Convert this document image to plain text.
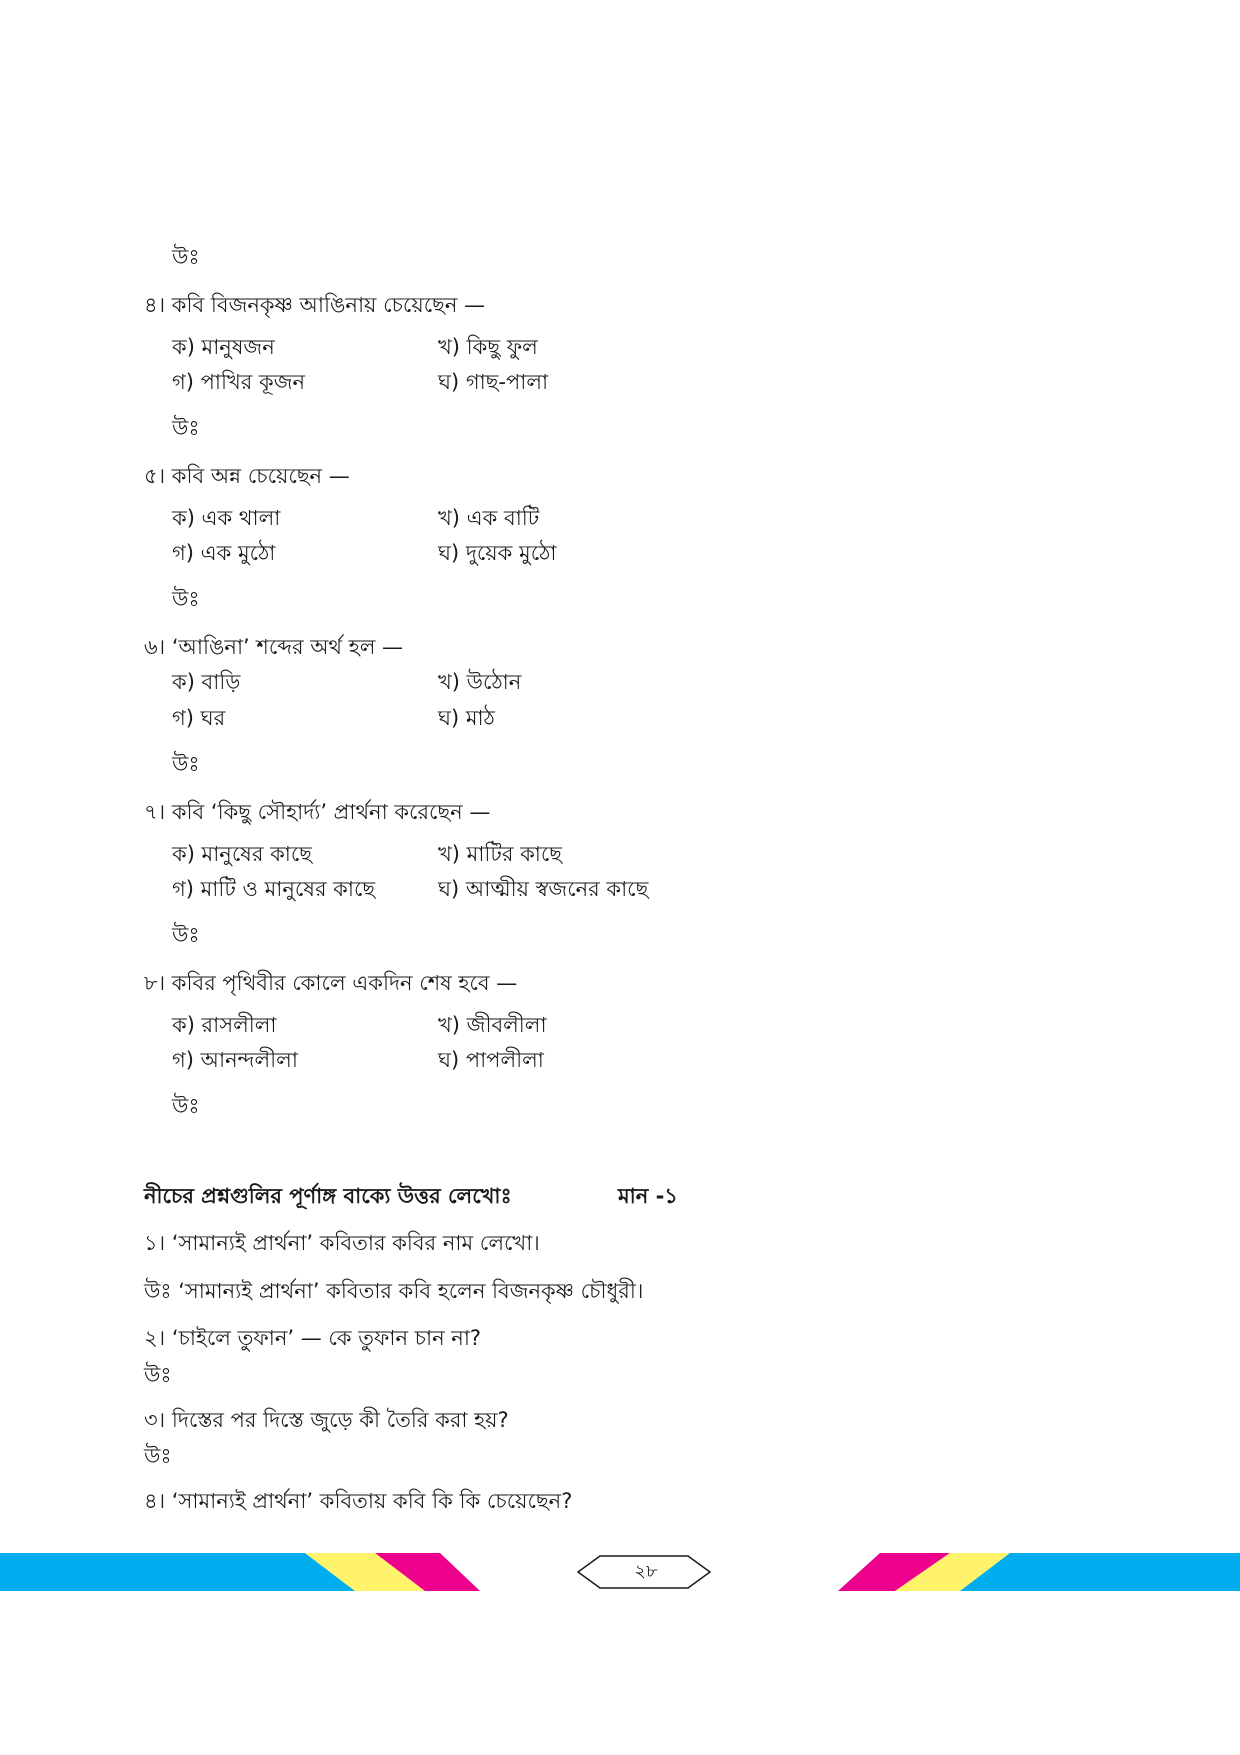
উঃ
৪। কবি বিজনকৃষ্ণ আঙিনায় চেয়েছেন —
ক) মানুষজন	খ) কিছু ফুল
গ) পাখির কূজন	ঘ) গাছ-পালা
উঃ
৫। কবি অন্ন চেয়েছেন —
ক) এক থালা	খ) এক বাটি
গ) এক মুঠো	ঘ) দুয়েক মুঠো
উঃ
৬। ‘আঙিনা’ শব্দের অর্থ হল —
ক) বাড়ি	খ) উঠোন
গ) ঘর	ঘ) মাঠ
উঃ
৭। কবি ‘কিছু সৌহার্দ্য’ প্রার্থনা করেছেন —
ক) মানুষের কাছে	খ) মাটির কাছে
গ) মাটি ও মানুষের কাছে	ঘ) আত্মীয় স্বজনের কাছে
উঃ
৮। কবির পৃথিবীর কোলে একদিন শেষ হবে —
ক) রাসলীলা	খ) জীবলীলা
গ) আনন্দলীলা	ঘ) পাপলীলা
উঃ
নীচের প্রশ্নগুলির পূর্ণাঙ্গ বাক্যে উত্তর লেখোঃ	মান -১
১। ‘সামান্যই প্রার্থনা’ কবিতার কবির নাম লেখো।
উঃ ‘সামান্যই প্রার্থনা’ কবিতার কবি হলেন বিজনকৃষ্ণ চৌধুরী।
২। ‘চাইলে তুফান’ — কে তুফান চান না?
উঃ
৩। দিস্তের পর দিস্তে জুড়ে কী তৈরি করা হয়?
উঃ
৪। ‘সামান্যই প্রার্থনা’ কবিতায় কবি কি কি চেয়েছেন?
২৮
